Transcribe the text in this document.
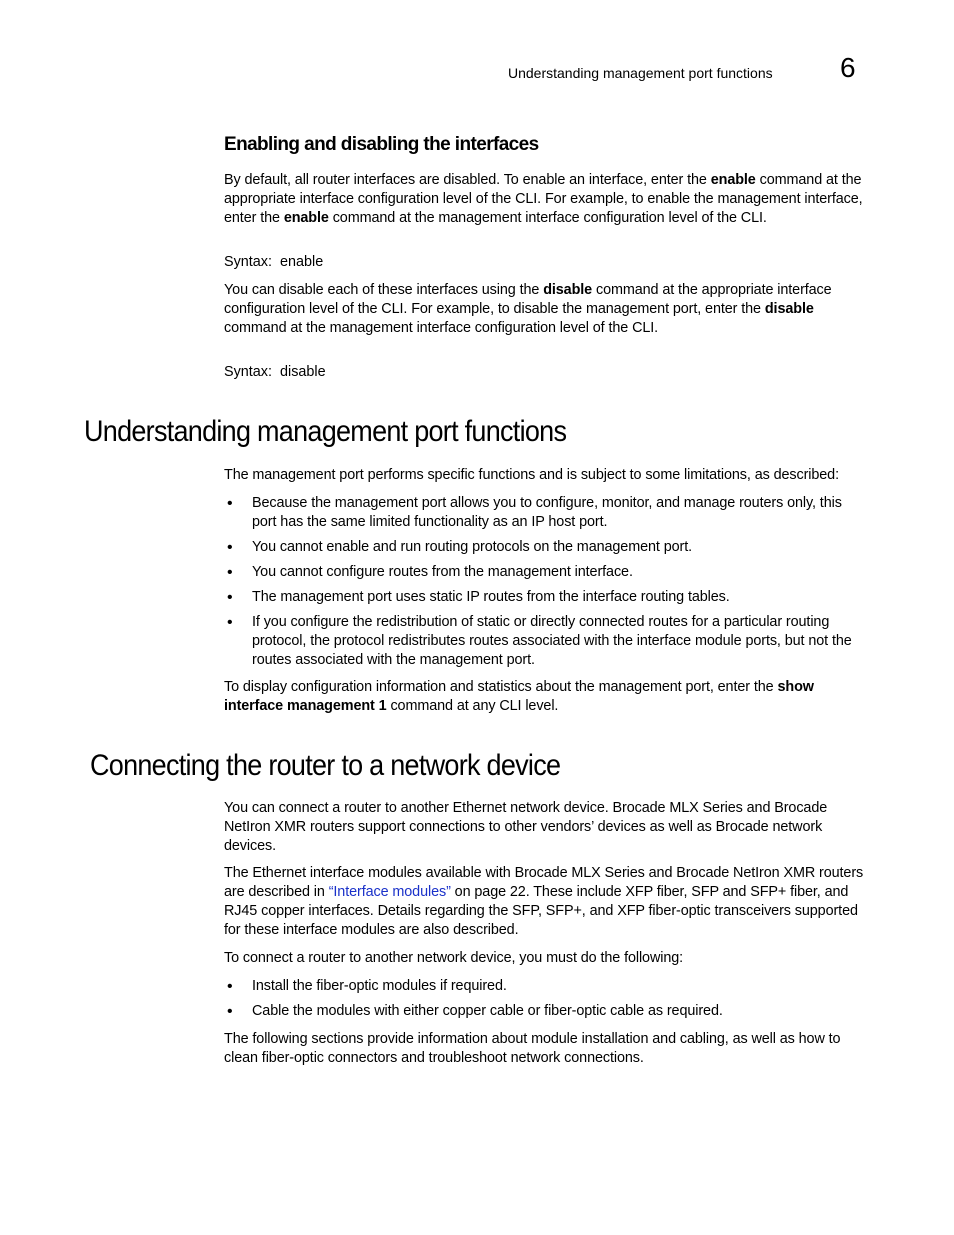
Understanding management port functions 6
Enabling and disabling the interfaces
By default, all router interfaces are disabled. To enable an interface, enter the enable command at the appropriate interface configuration level of the CLI. For example, to enable the management interface, enter the enable command at the management interface configuration level of the CLI.
Syntax: enable
You can disable each of these interfaces using the disable command at the appropriate interface configuration level of the CLI. For example, to disable the management port, enter the disable command at the management interface configuration level of the CLI.
Syntax: disable
Understanding management port functions
The management port performs specific functions and is subject to some limitations, as described:
• Because the management port allows you to configure, monitor, and manage routers only, this port has the same limited functionality as an IP host port.
• You cannot enable and run routing protocols on the management port.
• You cannot configure routes from the management interface.
• The management port uses static IP routes from the interface routing tables.
• If you configure the redistribution of static or directly connected routes for a particular routing protocol, the protocol redistributes routes associated with the interface module ports, but not the routes associated with the management port.
To display configuration information and statistics about the management port, enter the show interface management 1 command at any CLI level.
Connecting the router to a network device
You can connect a router to another Ethernet network device. Brocade MLX Series and Brocade NetIron XMR routers support connections to other vendors’ devices as well as Brocade network devices.
The Ethernet interface modules available with Brocade MLX Series and Brocade NetIron XMR routers are described in “Interface modules” on page 22. These include XFP fiber, SFP and SFP+ fiber, and RJ45 copper interfaces. Details regarding the SFP, SFP+, and XFP fiber-optic transceivers supported for these interface modules are also described.
To connect a router to another network device, you must do the following:
• Install the fiber-optic modules if required.
• Cable the modules with either copper cable or fiber-optic cable as required.
The following sections provide information about module installation and cabling, as well as how to clean fiber-optic connectors and troubleshoot network connections.
